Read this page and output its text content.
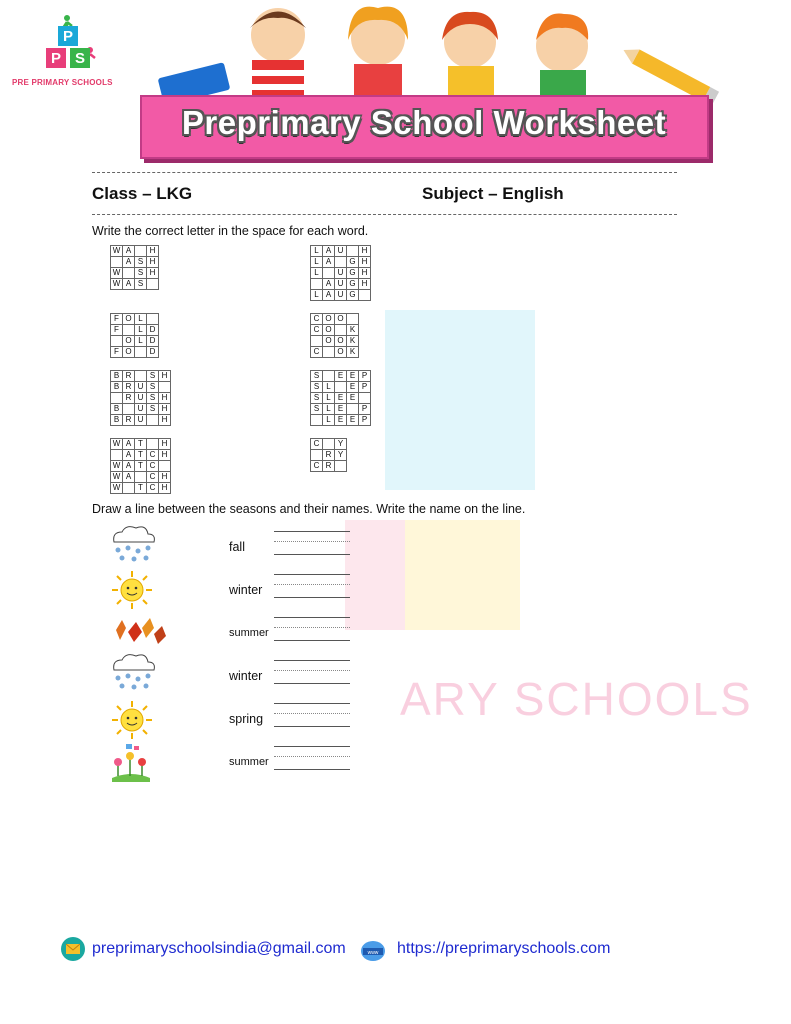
ARY SCHOOLS
P
P S
PRE PRIMARY SCHOOLS
Preprimary School Worksheet
Class – LKG	Subject – English
Write the correct letter in the space for each word.
W	A		H
	A	S	H
W		S	H
W	A	S	
F	O	L	
F		L	D
	O	L	D
F	O		D
B	R		S	H
B	R	U	S	
	R	U	S	H
B		U	S	H
B	R	U		H
W	A	T		H
	A	T	C	H
W	A	T	C	
W	A		C	H
W		T	C	H
L	A	U		H
L	A		G	H
L		U	G	H
	A	U	G	H
L	A	U	G	
C	O	O	
C	O		K
	O	O	K
C		O	K
S		E	E	P
S	L		E	P
S	L	E	E	
S	L	E		P
	L	E	E	P
C		Y
	R	Y
C	R	
Draw a line between the seasons and their names. Write the name on the line.
fall
winter
summer
winter
spring
summer
preprimaryschoolsindia@gmail.com	www https://preprimaryschools.com
